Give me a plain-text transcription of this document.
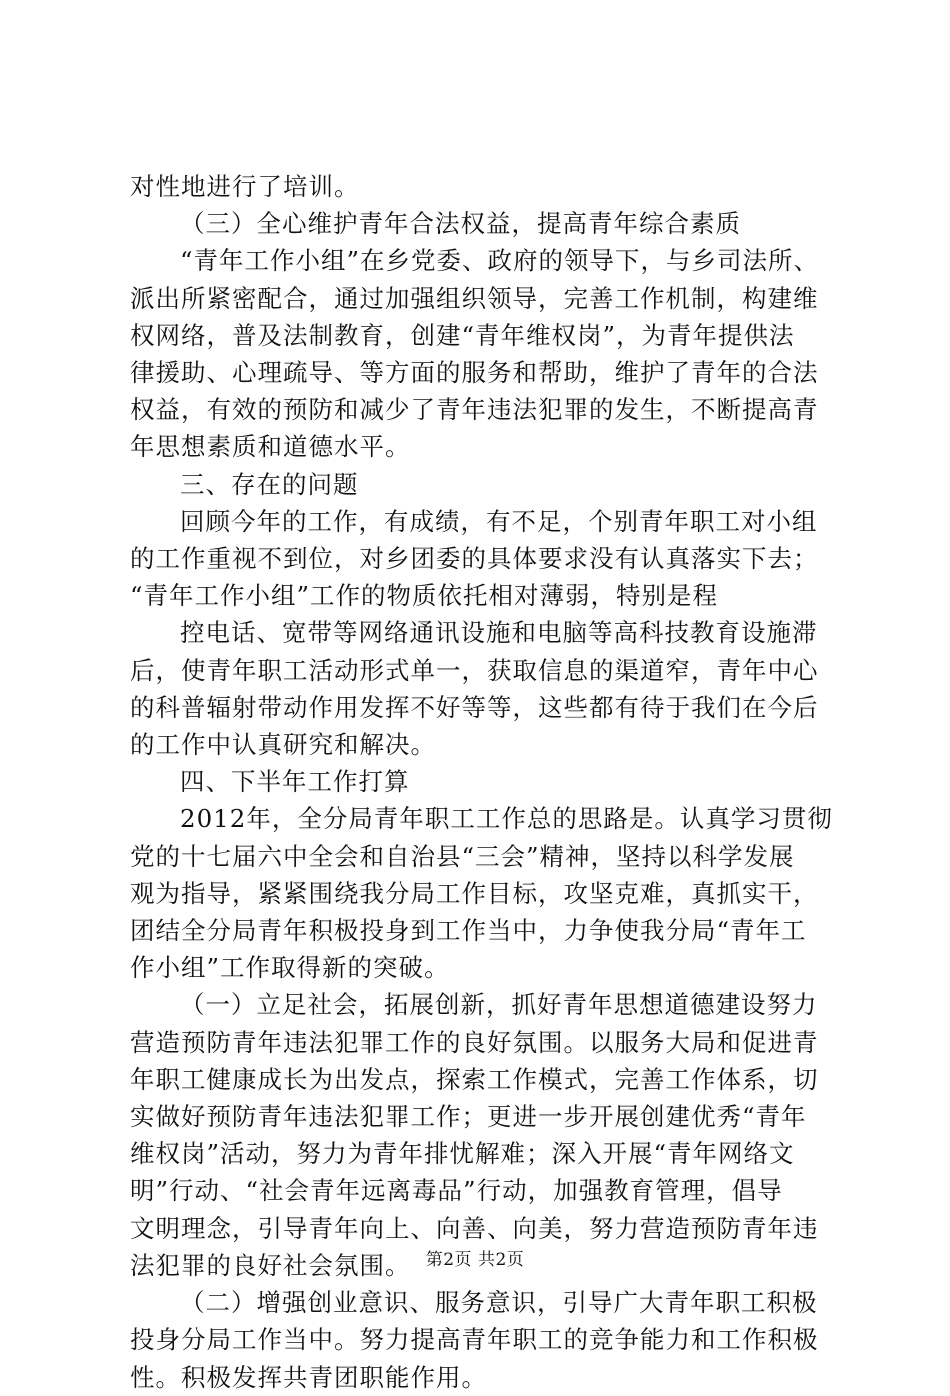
对性地进行了培训。

（三）全心维护青年合法权益，提高青年综合素质

“青年工作小组”在乡党委、政府的领导下，与乡司法所、

派出所紧密配合，通过加强组织领导，完善工作机制，构建维

权网络，普及法制教育，创建“青年维权岗”，为青年提供法

律援助、心理疏导、等方面的服务和帮助，维护了青年的合法

权益，有效的预防和减少了青年违法犯罪的发生，不断提高青

年思想素质和道德水平。

三、存在的问题

回顾今年的工作，有成绩，有不足，个别青年职工对小组

的工作重视不到位，对乡团委的具体要求没有认真落实下去；

“青年工作小组”工作的物质依托相对薄弱，特别是程

控电话、宽带等网络通讯设施和电脑等高科技教育设施滞

后，使青年职工活动形式单一，获取信息的渠道窄，青年中心

的科普辐射带动作用发挥不好等等，这些都有待于我们在今后

的工作中认真研究和解决。

四、下半年工作打算

2012年，全分局青年职工工作总的思路是。认真学习贯彻

党的十七届六中全会和自治县“三会”精神，坚持以科学发展

观为指导，紧紧围绕我分局工作目标，攻坚克难，真抓实干，

团结全分局青年积极投身到工作当中，力争使我分局“青年工

作小组”工作取得新的突破。

（一）立足社会，拓展创新，抓好青年思想道德建设努力

营造预防青年违法犯罪工作的良好氛围。以服务大局和促进青

年职工健康成长为出发点，探索工作模式，完善工作体系，切

实做好预防青年违法犯罪工作；更进一步开展创建优秀“青年

维权岗”活动，努力为青年排忧解难；深入开展“青年网络文

明”行动、“社会青年远离毒品”行动，加强教育管理，倡导

文明理念，引导青年向上、向善、向美，努力营造预防青年违

法犯罪的良好社会氛围。

（二）增强创业意识、服务意识，引导广大青年职工积极

投身分局工作当中。努力提高青年职工的竞争能力和工作积极

性。积极发挥共青团职能作用。

第2页 共2页
